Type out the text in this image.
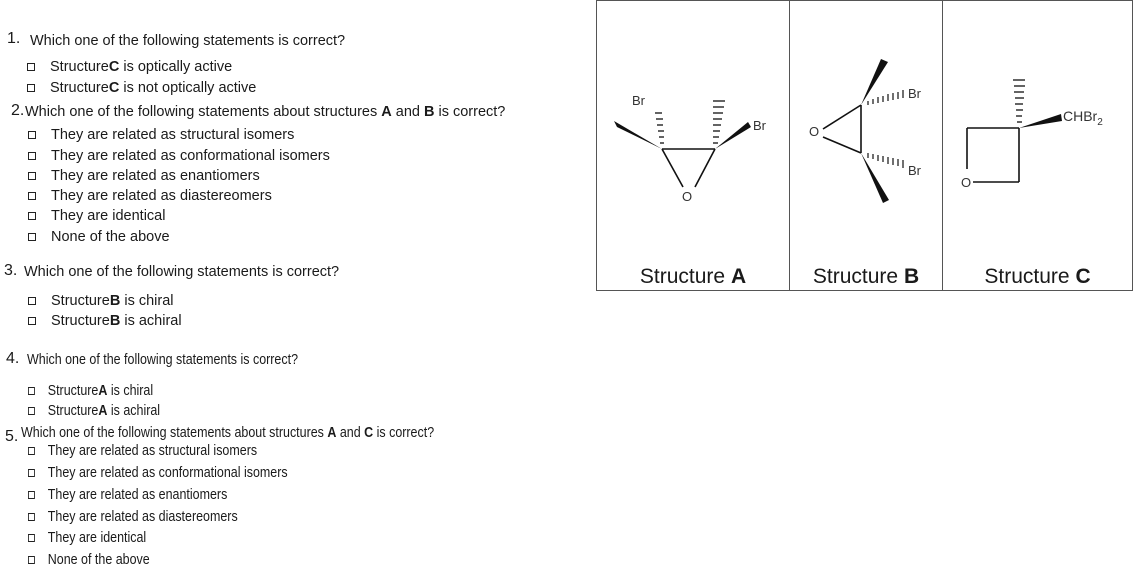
1. Which one of the following statements is correct?
Structure C
is optically active
Structure C
is not optically active
2. Which one of the following statements about structures A and B is correct?
They are related as structural isomers
They are related as conformational isomers
They are related as enantiomers
They are related as diastereomers
They are identical
None of the above
3. Which one of the following statements is correct?
Structure B
is chiral
Structure B
is achiral
4. Which one of the following statements is correct?
Structure A
is chiral
Structure A
is achiral
5. Which one of the following statements about structures A and C is correct?
They are related as structural isomers
They are related as conformational isomers
They are related as enantiomers
They are related as diastereomers
They are identical
None of the above
Br
Br
O
Br
Br
O
CHBr$_2$
O
Structure A	Structure B	Structure C
